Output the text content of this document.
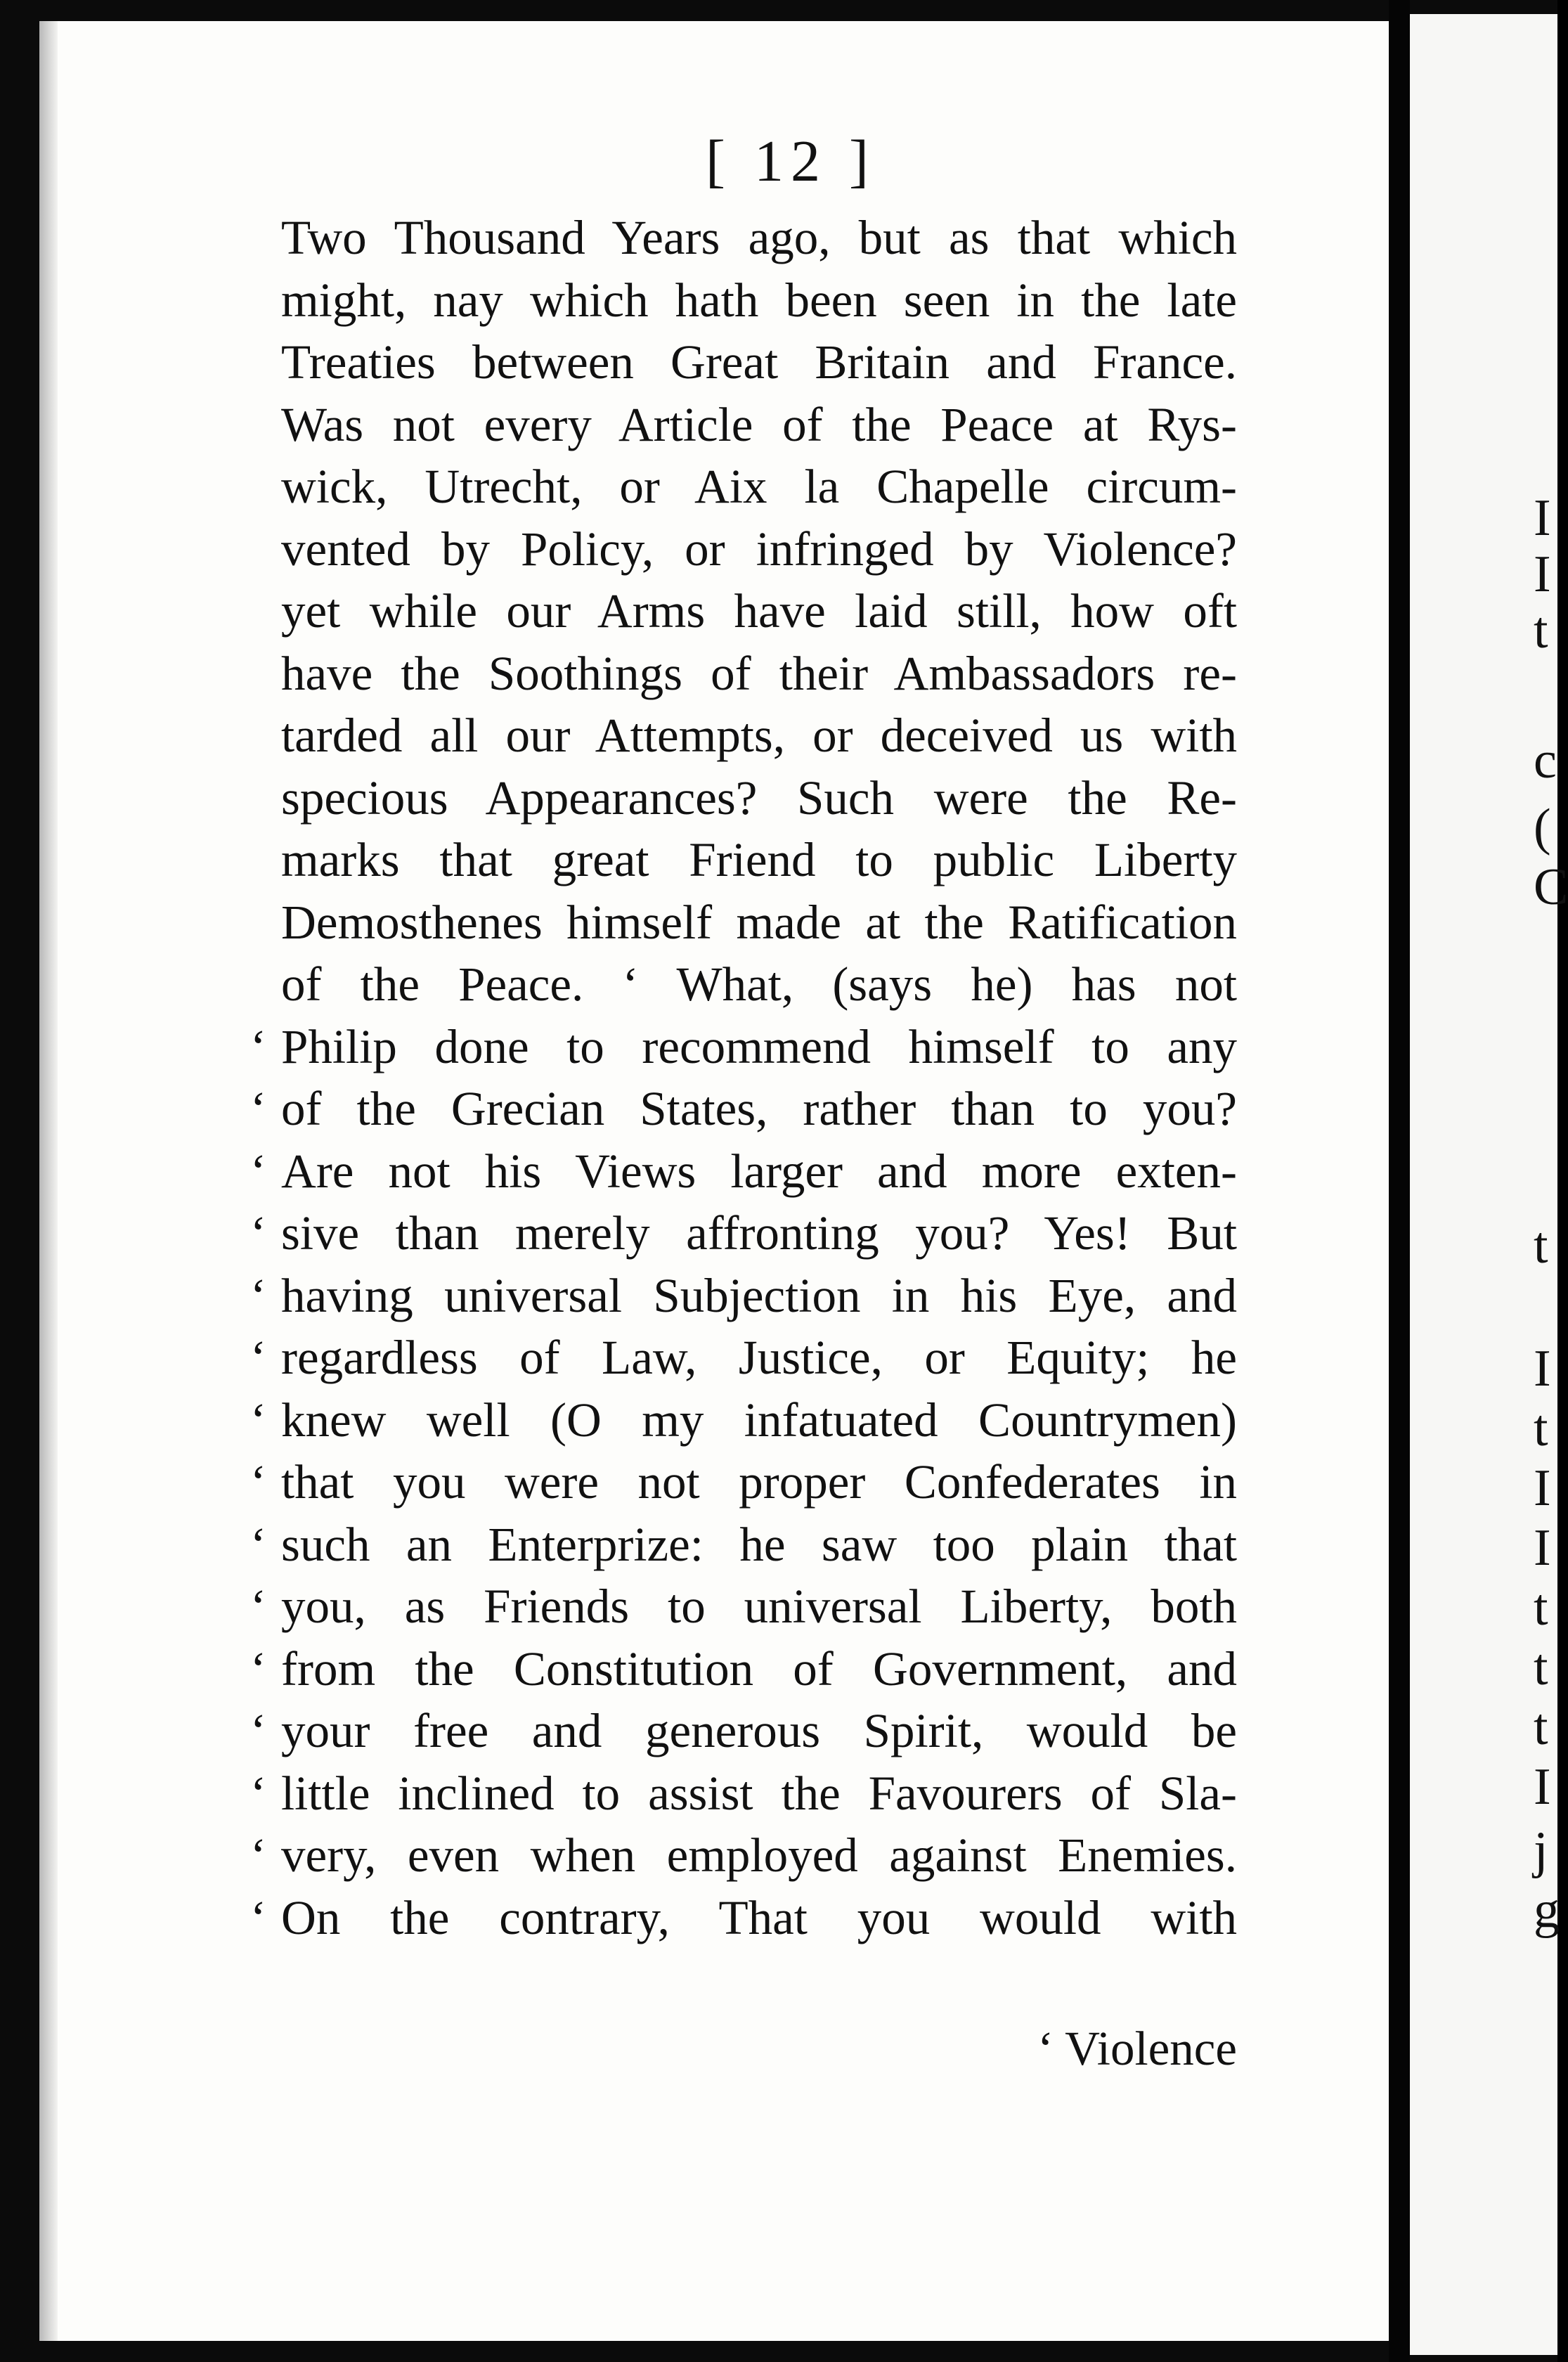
I
I
t
c
(
C
t
I
t
I
I
t
t
t
I
j
g
[ 12 ]
Two Thousand Years ago, but as that which
might, nay which hath been seen in the late
Treaties between Great Britain and France.
Was not every Article of the Peace at Rys-
wick, Utrecht, or Aix la Chapelle circum-
vented by Policy, or infringed by Violence?
yet while our Arms have laid still, how oft
have the Soothings of their Ambassadors re-
tarded all our Attempts, or deceived us with
specious Appearances? Such were the Re-
marks that great Friend to public Liberty
Demosthenes himself made at the Ratification
of the Peace. ‘ What, (says he) has not
‘ Philip done to recommend himself to any
‘ of the Grecian States, rather than to you?
‘ Are not his Views larger and more exten-
‘ sive than merely affronting you? Yes! But
‘ having universal Subjection in his Eye, and
‘ regardless of Law, Justice, or Equity; he
‘ knew well (O my infatuated Countrymen)
‘ that you were not proper Confederates in
‘ such an Enterprize: he saw too plain that
‘ you, as Friends to universal Liberty, both
‘ from the Constitution of Government, and
‘ your free and generous Spirit, would be
‘ little inclined to assist the Favourers of Sla-
‘ very, even when employed against Enemies.
‘ On the contrary, That you would with
‘ Violence
